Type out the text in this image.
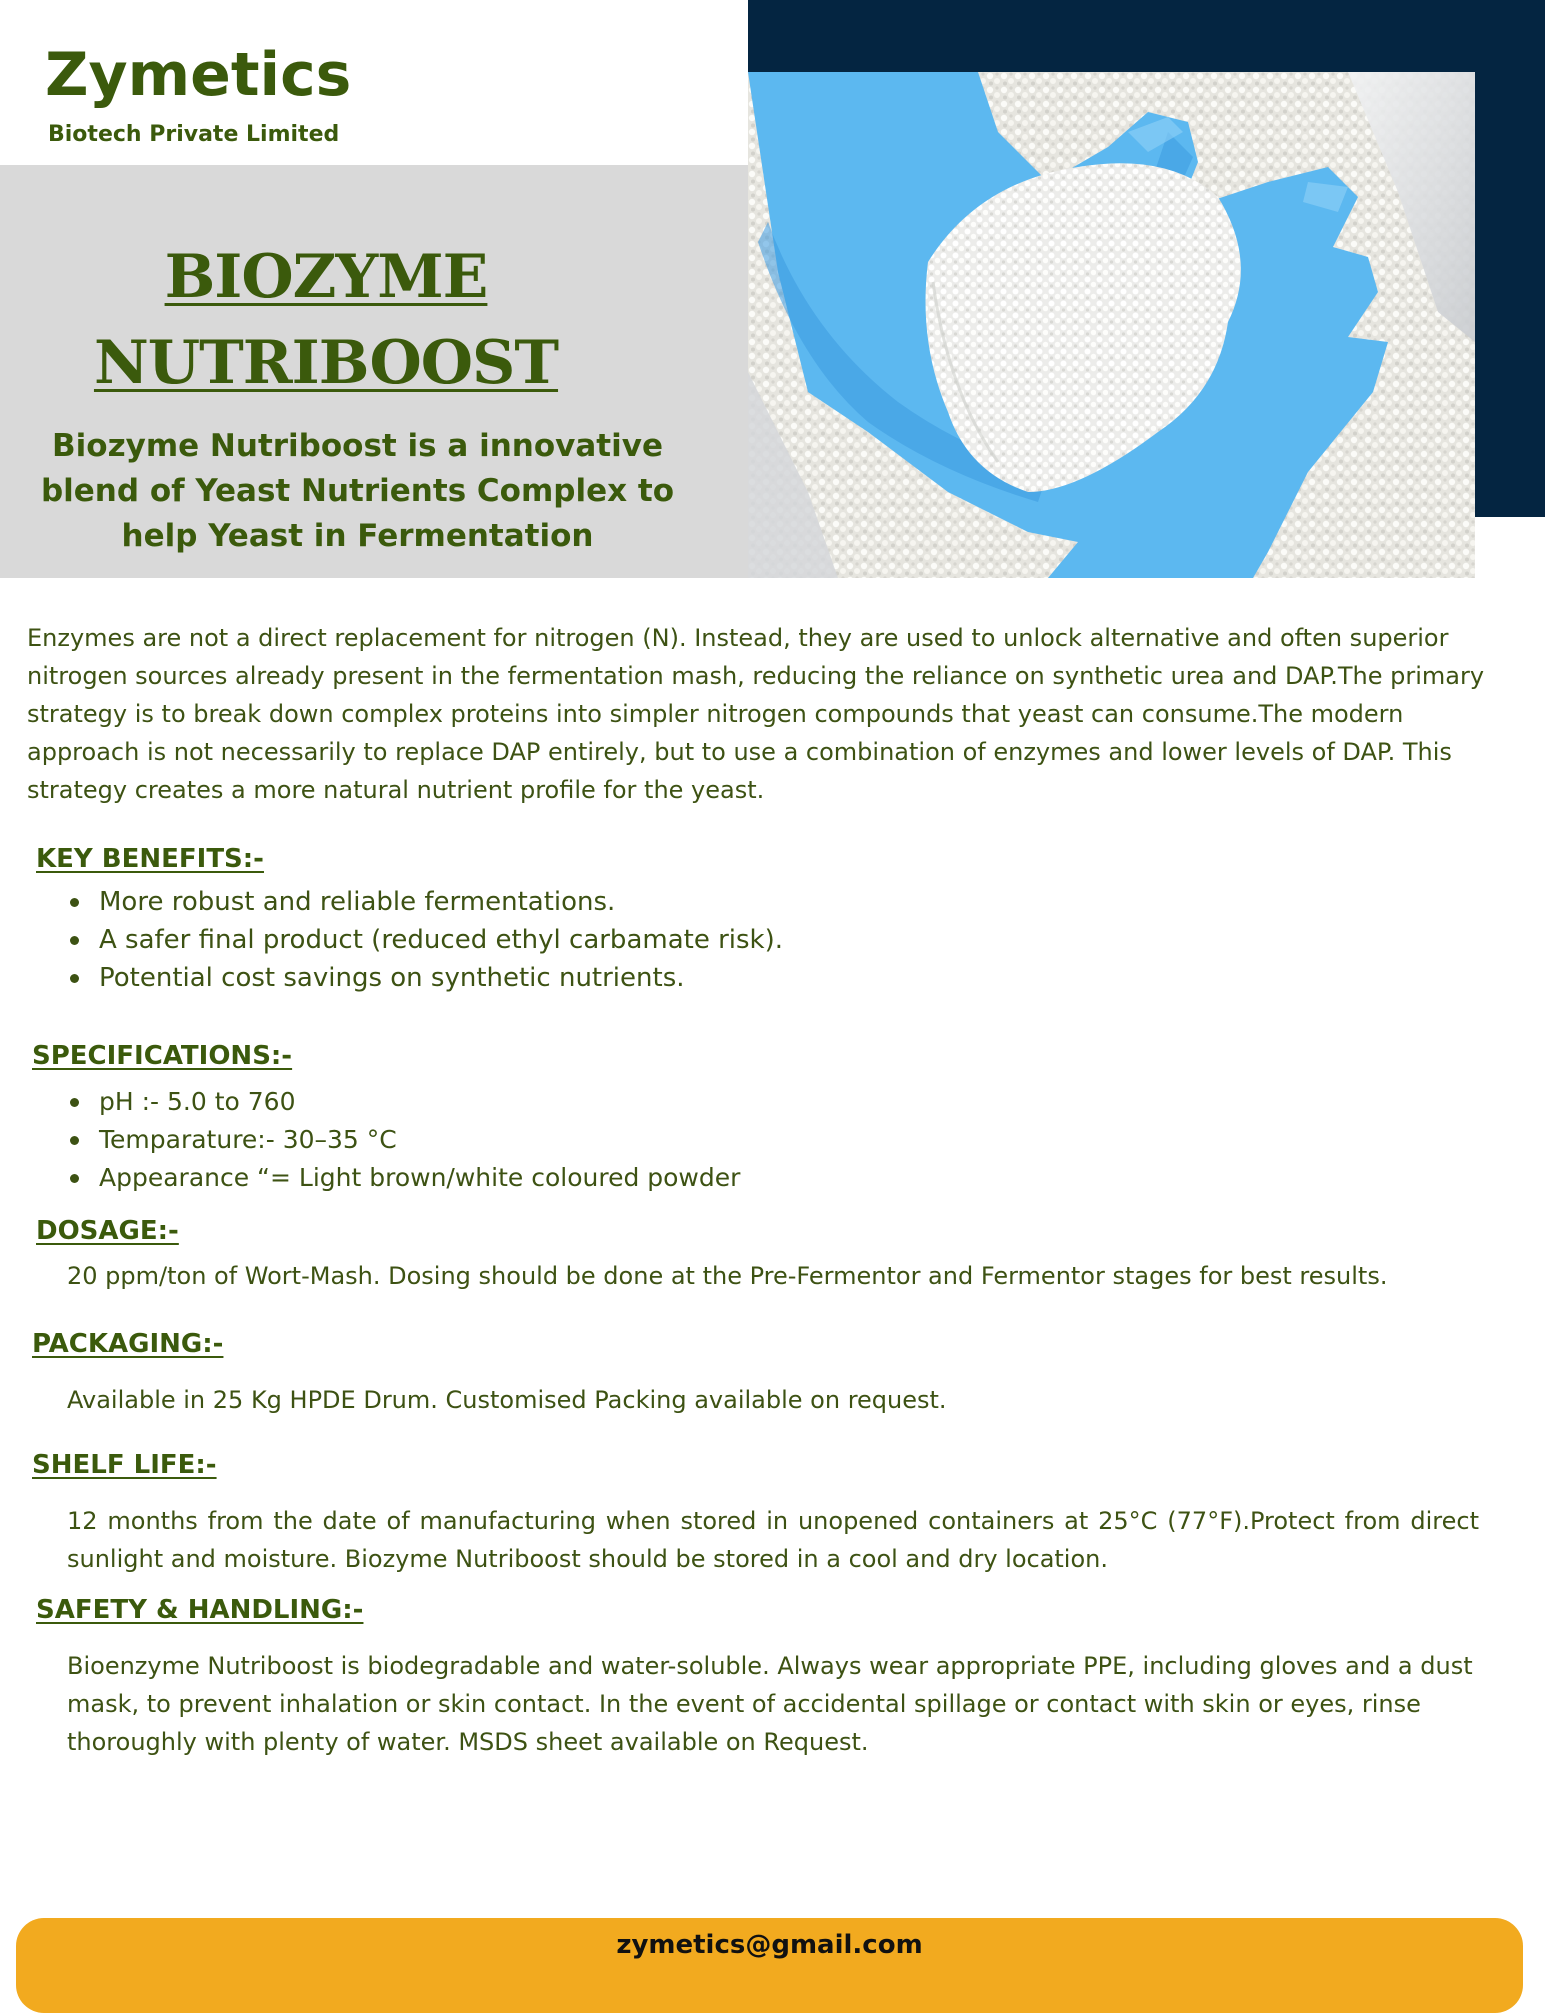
Zymetics
Biotech Private Limited
BIOZYME
NUTRIBOOST
Biozyme Nutriboost is a innovative blend of Yeast Nutrients Complex to help Yeast in Fermentation
Enzymes are not a direct replacement for nitrogen (N). Instead, they are used to unlock alternative and often superior nitrogen sources already present in the fermentation mash, reducing the reliance on synthetic urea and DAP.The primary strategy is to break down complex proteins into simpler nitrogen compounds that yeast can consume.The modern approach is not necessarily to replace DAP entirely, but to use a combination of enzymes and lower levels of DAP. This strategy creates a more natural nutrient profile for the yeast.
KEY BENEFITS:-
More robust and reliable fermentations.
A safer final product (reduced ethyl carbamate risk).
Potential cost savings on synthetic nutrients.
SPECIFICATIONS:-
pH :- 5.0 to 760
Temparature:- 30–35 °C
Appearance “= Light brown/white coloured powder
DOSAGE:-
20 ppm/ton of Wort-Mash. Dosing should be done at the Pre-Fermentor and Fermentor stages for best results.
PACKAGING:-
Available in 25 Kg HPDE Drum. Customised Packing available on request.
SHELF LIFE:-
12 months from the date of manufacturing when stored in unopened containers at 25°C (77°F).Protect from direct sunlight and moisture. Biozyme Nutriboost should be stored in a cool and dry location.
SAFETY & HANDLING:-
Bioenzyme Nutriboost is biodegradable and water-soluble. Always wear appropriate PPE, including gloves and a dust mask, to prevent inhalation or skin contact. In the event of accidental spillage or contact with skin or eyes, rinse thoroughly with plenty of water. MSDS sheet available on Request.
zymetics@gmail.com
